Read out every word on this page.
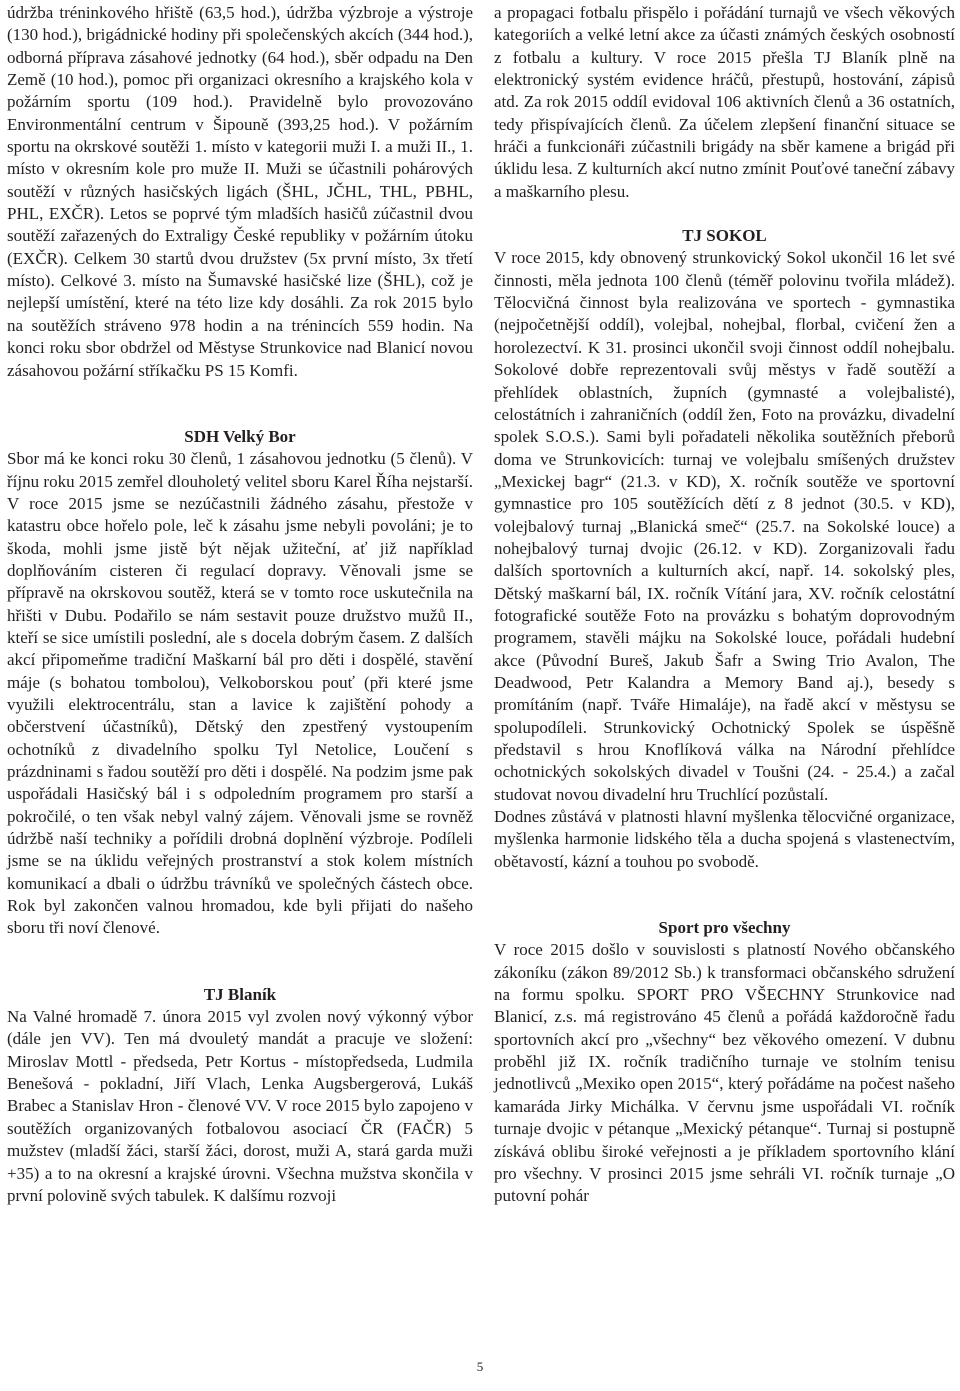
údržba tréninkového hřiště (63,5 hod.), údržba výzbroje a výstroje (130 hod.), brigádnické hodiny při společenských akcích (344 hod.), odborná příprava zásahové jednotky (64 hod.), sběr odpadu na Den Země (10 hod.), pomoc při organizaci okresního a krajského kola v požárním sportu (109 hod.). Pravidelně bylo provozováno Environmentální centrum v Šipouně (393,25 hod.). V požárním sportu na okrskové soutěži 1. místo v kategorii muži I. a muži II., 1. místo v okresním kole pro muže II. Muži se účastnili pohárových soutěží v různých hasičských ligách (ŠHL, JČHL, THL, PBHL, PHL, EXČR). Letos se poprvé tým mladších hasičů zúčastnil dvou soutěží zařazených do Extraligy České republiky v požárním útoku (EXČR). Celkem 30 startů dvou družstev (5x první místo, 3x třetí místo). Celkové 3. místo na Šumavské hasičské lize (ŠHL), což je nejlepší umístění, které na této lize kdy dosáhli. Za rok 2015 bylo na soutěžích stráveno 978 hodin a na trénincích 559 hodin. Na konci roku sbor obdržel od Městyse Strunkovice nad Blanicí novou zásahovou požární stříkačku PS 15 Komfi.

SDH Velký Bor

Sbor má ke konci roku 30 členů, 1 zásahovou jednotku (5 členů). V říjnu roku 2015 zemřel dlouholetý velitel sboru Karel Říha nejstarší. V roce 2015 jsme se nezúčastnili žádného zásahu, přestože v katastru obce hořelo pole, leč k zásahu jsme nebyli povoláni; je to škoda, mohli jsme jistě být nějak užiteční, ať již například doplňováním cisteren či regulací dopravy. Věnovali jsme se přípravě na okrskovou soutěž, která se v tomto roce uskutečnila na hřišti v Dubu. Podařilo se nám sestavit pouze družstvo mužů II., kteří se sice umístili poslední, ale s docela dobrým časem. Z dalších akcí připomeňme tradiční Maškarní bál pro děti i dospělé, stavění máje (s bohatou tombolou), Velkoborskou pouť (při které jsme využili elektrocentrálu, stan a lavice k zajištění pohody a občerstvení účastníků), Dětský den zpestřený vystoupením ochotníků z divadelního spolku Tyl Netolice, Loučení s prázdninami s řadou soutěží pro děti i dospělé. Na podzim jsme pak uspořádali Hasičský bál i s odpoledním programem pro starší a pokročilé, o ten však nebyl valný zájem. Věnovali jsme se rovněž údržbě naší techniky a pořídili drobná doplnění výzbroje. Podíleli jsme se na úklidu veřejných prostranství a stok kolem místních komunikací a dbali o údržbu trávníků ve společných částech obce. Rok byl zakončen valnou hromadou, kde byli přijati do našeho sboru tři noví členové.

TJ Blaník

Na Valné hromadě 7. února 2015 vyl zvolen nový výkonný výbor (dále jen VV). Ten má dvouletý mandát a pracuje ve složení: Miroslav Mottl - předseda, Petr Kortus - místopředseda, Ludmila Benešová - pokladní, Jiří Vlach, Lenka Augsbergerová, Lukáš Brabec a Stanislav Hron - členové VV. V roce 2015 bylo zapojeno v soutěžích organizovaných fotbalovou asociací ČR (FAČR) 5 mužstev (mladší žáci, starší žáci, dorost, muži A, stará garda muži +35) a to na okresní a krajské úrovni. Všechna mužstva skončila v první polovině svých tabulek. K dalšímu rozvoji

a propagaci fotbalu přispělo i pořádání turnajů ve všech věkových kategoriích a velké letní akce za účasti známých českých osobností z fotbalu a kultury. V roce 2015 přešla TJ Blaník plně na elektronický systém evidence hráčů, přestupů, hostování, zápisů atd. Za rok 2015 oddíl evidoval 106 aktivních členů a 36 ostatních, tedy přispívajících členů. Za účelem zlepšení finanční situace se hráči a funkcionáři zúčastnili brigády na sběr kamene a brigád při úklidu lesa. Z kulturních akcí nutno zmínit Pouťové taneční zábavy a maškarního plesu.

TJ SOKOL

V roce 2015, kdy obnovený strunkovický Sokol ukončil 16 let své činnosti, měla jednota 100 členů (téměř polovinu tvořila mládež). Tělocvičná činnost byla realizována ve sportech - gymnastika (nejpočetnější oddíl), volejbal, nohejbal, florbal, cvičení žen a horolezectví. K 31. prosinci ukončil svoji činnost oddíl nohejbalu. Sokolové dobře reprezentovali svůj městys v řadě soutěží a přehlídek oblastních, župních (gymnasté a volejbalisté), celostátních i zahraničních (oddíl žen, Foto na provázku, divadelní spolek S.O.S.). Sami byli pořadateli několika soutěžních přeborů doma ve Strunkovicích: turnaj ve volejbalu smíšených družstev „Mexickej bagr“ (21.3. v KD), X. ročník soutěže ve sportovní gymnastice pro 105 soutěžících dětí z 8 jednot (30.5. v KD), volejbalový turnaj „Blanická smeč“ (25.7. na Sokolské louce) a nohejbalový turnaj dvojic (26.12. v KD). Zorganizovali řadu dalších sportovních a kulturních akcí, např. 14. sokolský ples, Dětský maškarní bál, IX. ročník Vítání jara, XV. ročník celostátní fotografické soutěže Foto na provázku s bohatým doprovodným programem, stavěli májku na Sokolské louce, pořádali hudební akce (Původní Bureš, Jakub Šafr a Swing Trio Avalon, The Deadwood, Petr Kalandra a Memory Band aj.), besedy s promítáním (např. Tváře Himaláje), na řadě akcí v městysu se spolupodíleli. Strunkovický Ochotnický Spolek se úspěšně představil s hrou Knoflíková válka na Národní přehlídce ochotnických sokolských divadel v Toušni (24. - 25.4.) a začal studovat novou divadelní hru Truchlící pozůstalí.

Dodnes zůstává v platnosti hlavní myšlenka tělocvičné organizace, myšlenka harmonie lidského těla a ducha spojená s vlastenectvím, obětavostí, kázní a touhou po svobodě.

Sport pro všechny

V roce 2015 došlo v souvislosti s platností Nového občanského zákoníku (zákon 89/2012 Sb.) k transformaci občanského sdružení na formu spolku. SPORT PRO VŠECHNY Strunkovice nad Blanicí, z.s. má registrováno 45 členů a pořádá každoročně řadu sportovních akcí pro „všechny“ bez věkového omezení. V dubnu proběhl již IX. ročník tradičního turnaje ve stolním tenisu jednotlivců „Mexiko open 2015“, který pořádáme na počest našeho kamaráda Jirky Michálka. V červnu jsme uspořádali VI. ročník turnaje dvojic v pétanque „Mexický pétanque“. Turnaj si postupně získává oblibu široké veřejnosti a je příkladem sportovního klání pro všechny. V prosinci 2015 jsme sehráli VI. ročník turnaje „O putovní pohár

5
